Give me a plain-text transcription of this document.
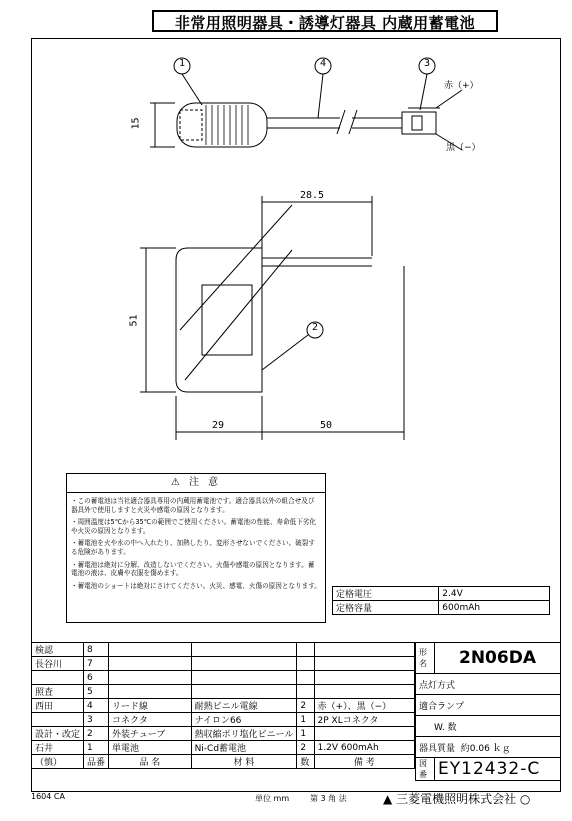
非常用照明器具・誘導灯器具 内蔵用蓄電池
1	4	3
2
赤（+）
黒（−）
15
28.5
51
29	50
⚠ 注 意
・この蓄電池は当社適合器具専用の内蔵用蓄電池です。適合器具以外の組合せ及び器具外で使用しますと火災や感電の原因となります。
・周囲温度は5℃から35℃の範囲でご使用ください。蓄電池の性能、寿命低下劣化や火災の原因となります。
・蓄電池を火や水の中へ入れたり、加熱したり、変形させないでください。破裂する危険があります。
・蓄電池は絶対に分解、改造しないでください。火傷や感電の原因となります。蓄電池の液は、皮膚や衣服を傷めます。
・蓄電池のショートは絶対にさけてください。火災、感電、火傷の原因となります。
定格電圧	2.4V
定格容量	600mAh
検認	8				
長谷川	7				
	6				
照査	5				
西田	4	リード線	耐熱ビニル電線	2	赤（+）、黒（−）
	3	コネクタ	ナイロン66	1	2P XLコネクタ
設計・改定	2	外装チューブ	熱収縮ポリ塩化ビニール	1	
石井	1	単電池	Ni-Cd蓄電池	2	1.2V 600mAh
（慎）	品番	品 名	材 料	数	備 考
形名	2N06DA
点灯方式	
適合ランプ	
W. 数	
器具質量 約0.06 ｋｇ	
図番	EY12432-C
1604 CA	単位 mm	第 3 角 法	▲ 三菱電機照明株式会社 ○
